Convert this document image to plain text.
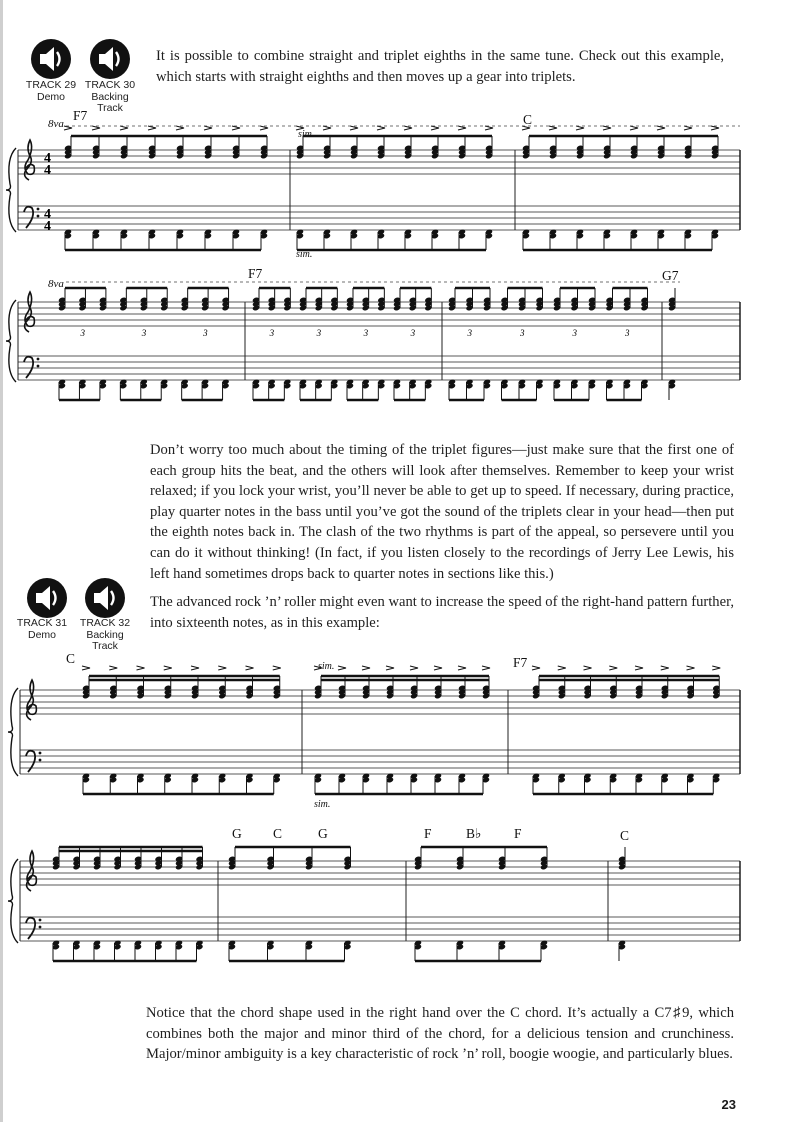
TRACK 29
Demo
TRACK 30
Backing Track
It is possible to combine straight and triplet eighths in the same tune. Check out this example, which starts with straight eighths and then moves up a gear into triplets.
4
4
4
4
8va
F7	C
sim.
sim.
3	3	3	3	3	3	3	3	3	3	3
8va
F7	G7
Don’t worry too much about the timing of the triplet figures—just make sure that the first one of each group hits the beat, and the others will look after themselves. Remember to keep your wrist relaxed; if you lock your wrist, you’ll never be able to get up to speed. If necessary, during practice, play quarter notes in the bass until you’ve got the sound of the triplets clear in your head—then put the eighth notes back in. The clash of the two rhythms is part of the appeal, so persevere until you can do it without thinking! (In fact, if you listen closely to the recordings of Jerry Lee Lewis, his left hand sometimes drops back to quarter notes in sections like this.)
TRACK 31
Demo
TRACK 32
Backing Track
The advanced rock ’n’ roller might even want to increase the speed of the right-hand pattern further, into sixteenth notes, as in this example:
C	F7
sim.
sim.
G C	G	F	B♭ F	C
Notice that the chord shape used in the right hand over the C chord. It’s actually a C7♯9, which combines both the major and minor third of the chord, for a delicious tension and crunchiness. Major/minor ambiguity is a key characteristic of rock ’n’ roll, boogie woogie, and particularly blues.
23
